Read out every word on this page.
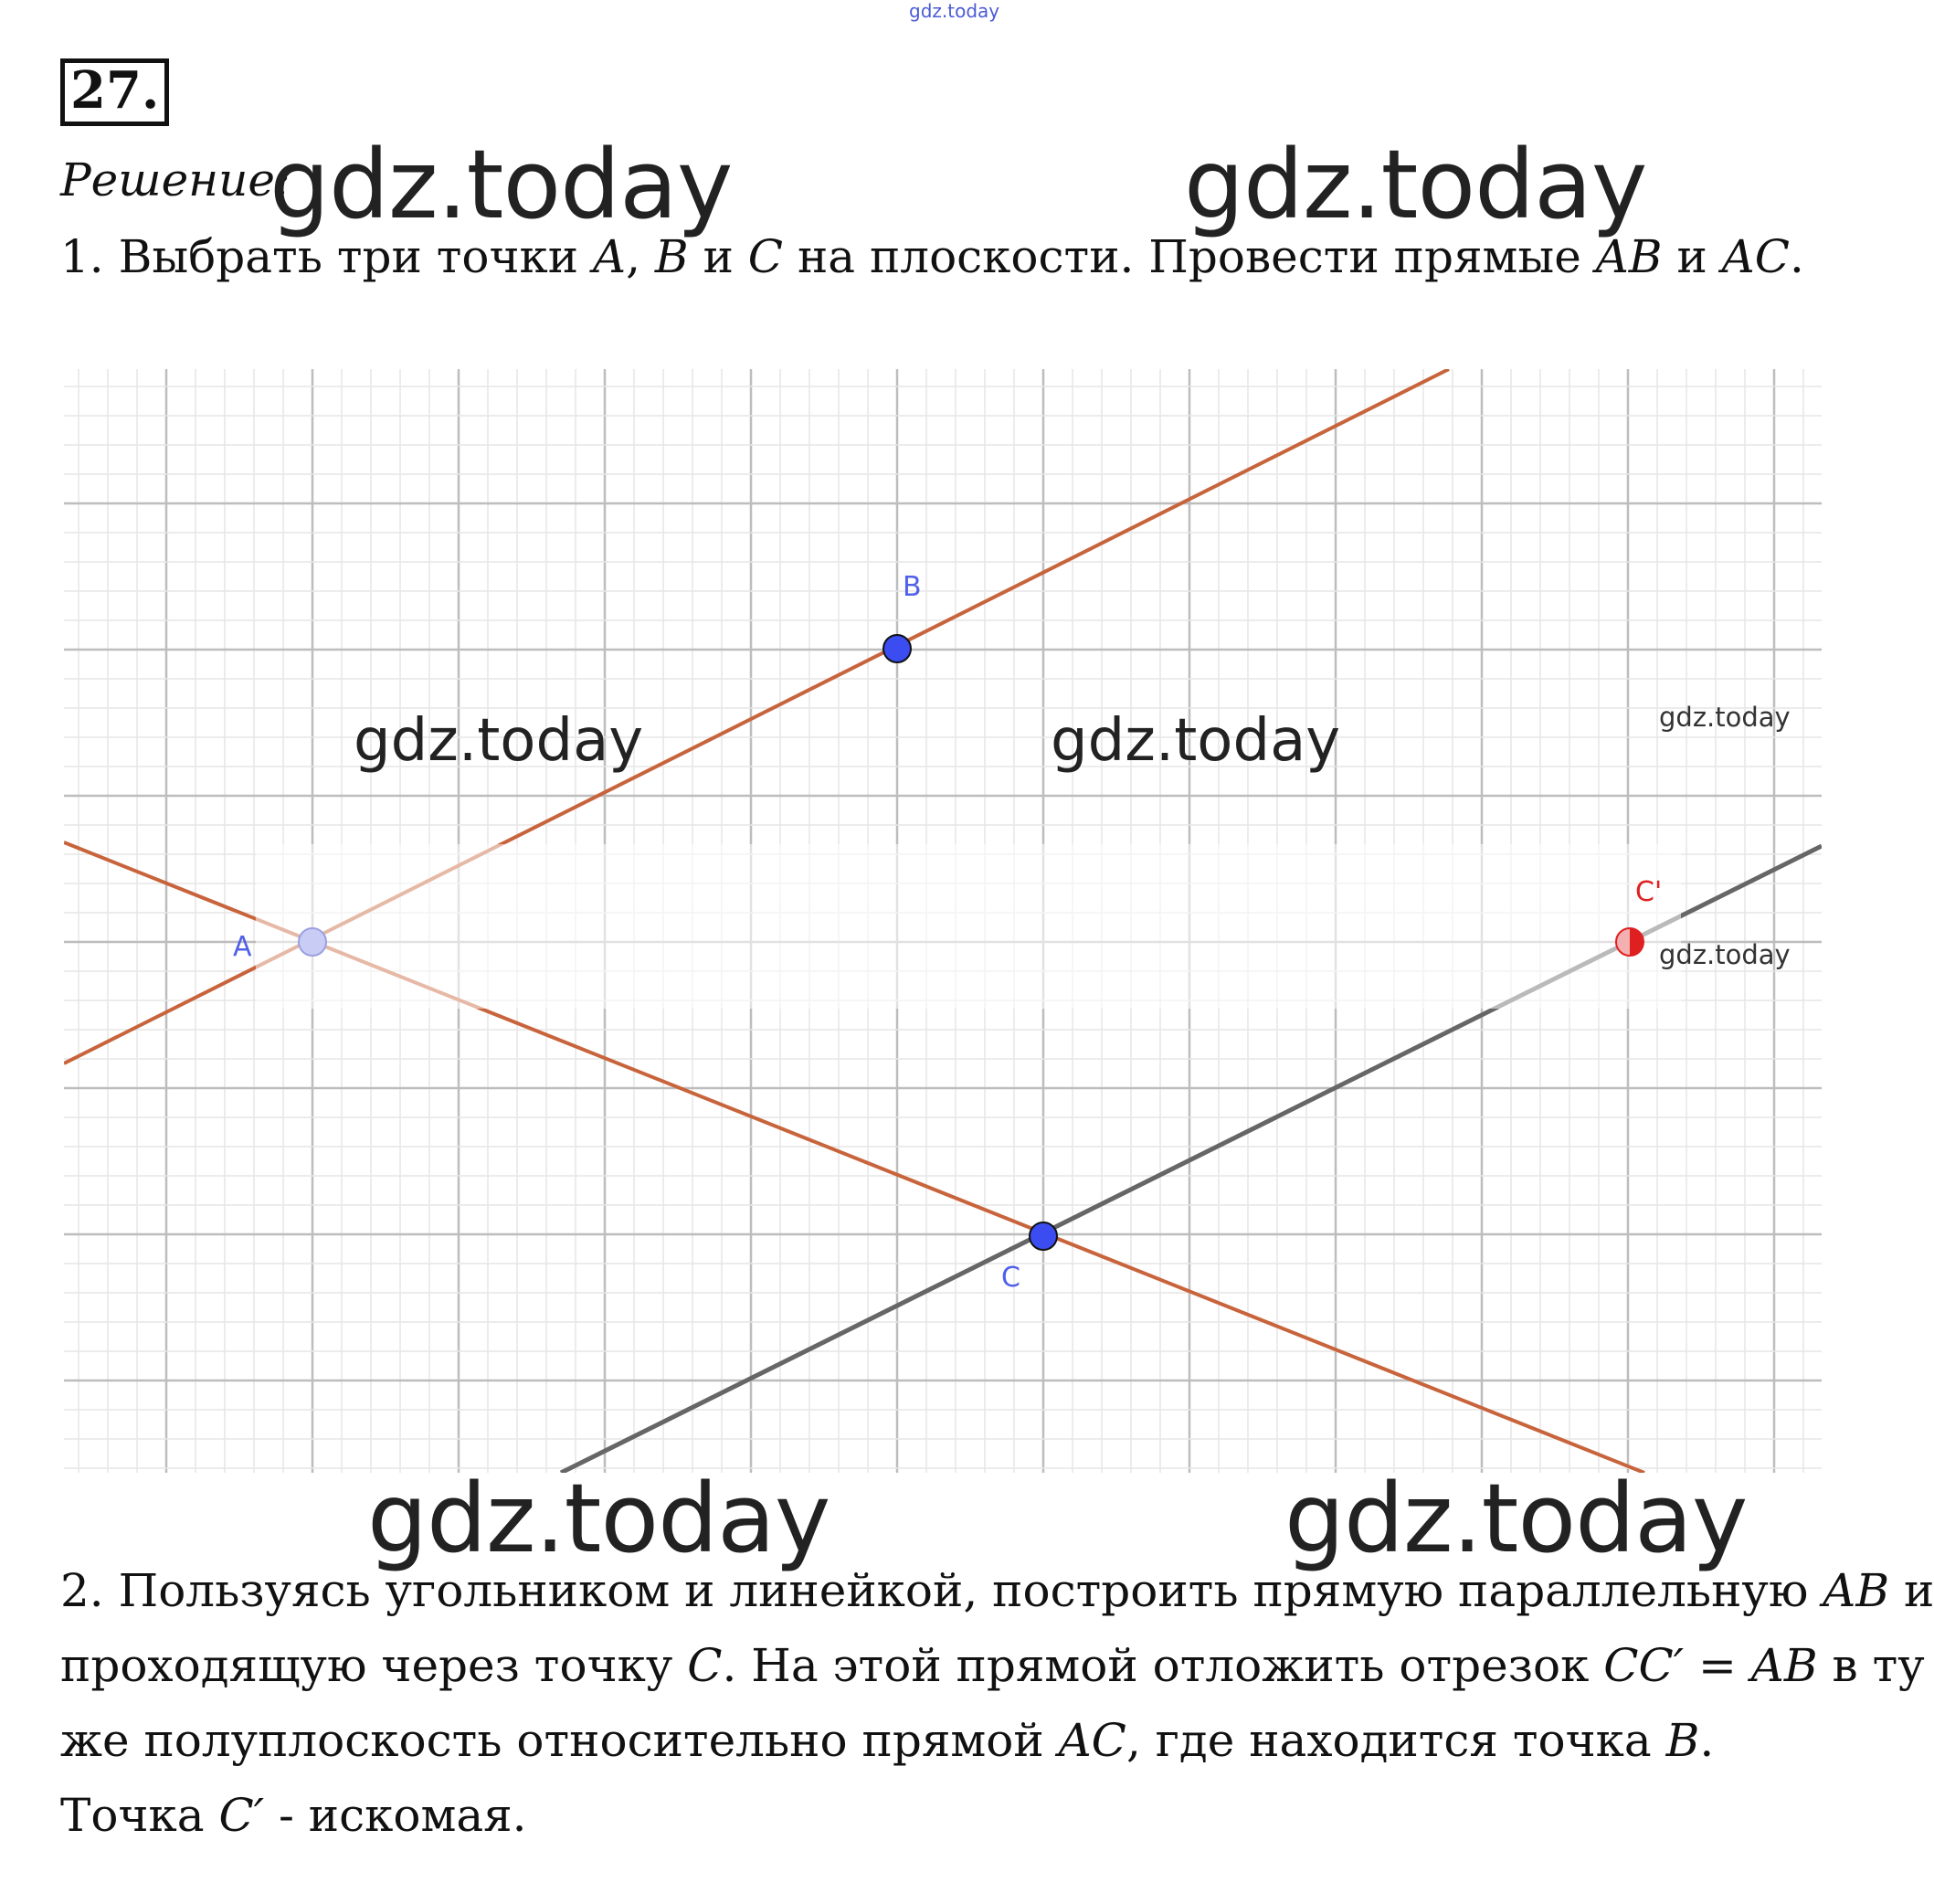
gdz.today
27.
Решение:
gdz.today	gdz.today
1. Выбрать три точки A, B и C на плоскости. Провести прямые AB и AC.
A
B
C
C'
gdz.today	gdz.today	gdz.today
gdz.today
gdz.today	gdz.today
2. Пользуясь угольником и линейкой, построить прямую параллельную AB и
проходящую через точку C. На этой прямой отложить отрезок CC′ = AB в ту
же полуплоскость относительно прямой AC, где находится точка B.
Точка C′ - искомая.
